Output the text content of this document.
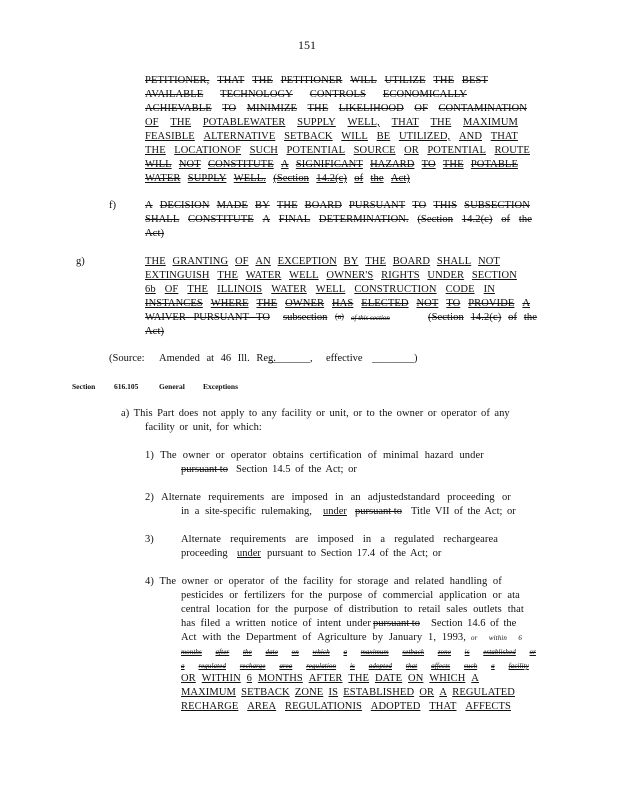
151
PETITIONER, THAT THE PETITIONER WILL UTILIZE THE BEST
AVAILABLE TECHNOLOGY CONTROLS ECONOMICALLY
ACHIEVABLE TO MINIMIZE THE LIKELIHOOD OF CONTAMINATION
OF THE POTABLEWATER SUPPLY WELL, THAT THE MAXIMUM
FEASIBLE ALTERNATIVE SETBACK WILL BE UTILIZED, AND THAT
THE LOCATIONOF SUCH POTENTIAL SOURCE OR POTENTIAL ROUTE
WILL NOT CONSTITUTE A SIGNIFICANT HAZARD TO THE POTABLE
WATER SUPPLY WELL. (Section 14.2(c) of the Act)
f)	A DECISION MADE BY THE BOARD PURSUANT TO THIS SUBSECTION
SHALL CONSTITUTE A FINAL DETERMINATION. (Section 14.2(c) of the
Act)
g)	THE GRANTING OF AN EXCEPTION BY THE BOARD SHALL NOT
EXTINGUISH THE WATER WELL OWNER'S RIGHTS UNDER SECTION
6b OF THE ILLINOIS WATER WELL CONSTRUCTION CODE IN
INSTANCES WHERE THE OWNER HAS ELECTED NOT TO PROVIDE A
WAIVER PURSUANT TO subsection (a) of this section	(Section 14.2(c) of the
Act)
(Source: Amended at 46 Ill. Reg.
________, effective ________)
Section 616.105	General Exceptions
a) This Part does not apply to any facility or unit, or to the owner or operator of any
facility or unit, for which:
1) The owner or operator obtains certification of minimal hazard under
pursuant to Section 14.5 of the Act; or
2) Alternate requirements are imposed in an adjustedstandard proceeding or
in a site-specific rulemaking, under pursuant to Title VII of the Act; or
3)	Alternate requirements are imposed in a regulated rechargearea
proceeding under pursuant to Section 17.4 of the Act; or
4) The owner or operator of the facility for storage and related handling of
pesticides or fertilizers for the purpose of commercial application or ata
central location for the purpose of distribution to retail sales outlets that
has filed a written notice of intent under pursuant to Section 14.6 of the
Act with the Department of Agriculture by January 1, 1993, or within 6
months after the date on which a maximum setback zone is established or
a regulated recharge area regulation is adopted that affects such a facility
OR WITHIN 6 MONTHS AFTER THE DATE ON WHICH A
MAXIMUM SETBACK ZONE IS ESTABLISHED OR A REGULATED
RECHARGE AREA REGULATIONIS ADOPTED THAT AFFECTS
